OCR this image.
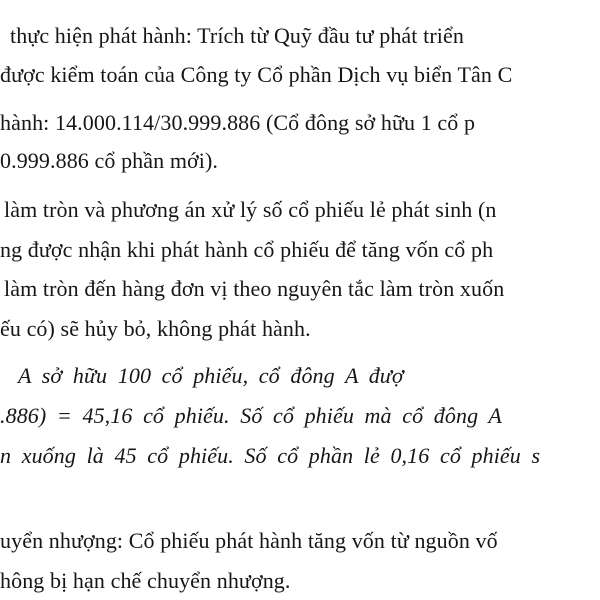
thực hiện phát hành: Trích từ Quỹ đầu tư phát triển
được kiểm toán của Công ty Cổ phần Dịch vụ biển Tân C
hành: 14.000.114/30.999.886 (Cổ đông sở hữu 1 cổ p
0.999.886 cổ phần mới).
làm tròn và phương án xử lý số cổ phiếu lẻ phát sinh (n
ng được nhận khi phát hành cổ phiếu để tăng vốn cổ ph
làm tròn đến hàng đơn vị theo nguyên tắc làm tròn xuốn
ếu có) sẽ hủy bỏ, không phát hành.
A sở hữu 100 cổ phiếu, cổ đông A đượ
.886) = 45,16 cổ phiếu. Số cổ phiếu mà cổ đông A
n xuống là 45 cổ phiếu. Số cổ phần lẻ 0,16 cổ phiếu s
uyển nhượng: Cổ phiếu phát hành tăng vốn từ nguồn vố
hông bị hạn chế chuyển nhượng.
